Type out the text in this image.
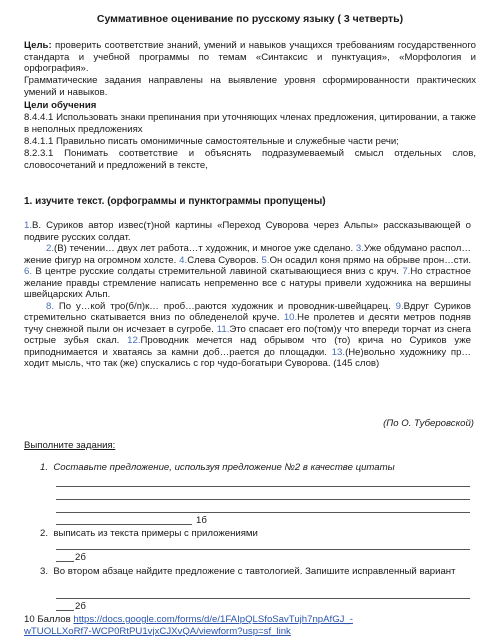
Суммативное оценивание по русскому языку ( 3 четверть)
Цель: проверить соответствие знаний, умений и навыков учащихся требованиям государственного стандарта и учебной программы по темам «Синтаксис и пунктуация», «Морфология и орфография».
Грамматические задания направлены на выявление уровня сформированности практических умений и навыков.
Цели обучения
8.4.4.1 Использовать знаки препинания при уточняющих членах предложения, цитировании, а также в неполных предложениях
8.4.1.1 Правильно писать омонимичные самостоятельные и служебные части речи;
8.2.3.1 Понимать соответствие и объяснять подразумеваемый смысл отдельных слов, словосочетаний и предложений в тексте,
1. изучите текст. (орфограммы и пунктограммы пропущены)
1.В. Суриков автор извес(т)ной картины «Переход Суворова через Альпы» рассказывающей о подвиге русских солдат.
2.(В) течении… двух лет работа…т художник, и многое уже сделано. 3.Уже обдумано распол…жение фигур на огромном холсте. 4.Слева Суворов. 5.Он осадил коня прямо на обрыве прон…сти. 6. В центре русские солдаты стремительной лавиной скатывающиеся вниз с круч. 7.Но страстное желание правды стремление написать непременно все с натуры привели художника на вершины швейцарских Альп.
8. По у…кой тро(б/п)к… проб…раются художник и проводник-швейцарец. 9.Вдруг Суриков стремительно скатывается вниз по обледенелой круче. 10.Не пролетев и десяти метров подняв тучу снежной пыли он исчезает в сугробе. 11.Это спасает его по(том)у что впереди торчат из снега острые зубья скал. 12.Проводник мечется над обрывом что (то) крича но Суриков уже приподнимается и хватаясь за камни доб…рается до площадки. 13.(Не)вольно художнику пр…ходит мысль, что так (же) спускались с гор чудо-богатыри Суворова. (145 слов)
(По О. Туберовской)
Выполните задания:
1. Составьте предложение, используя предложение №2 в качестве цитаты
1б
2. выписать из текста примеры с приложениями
2б
3. Во втором абзаце найдите предложение с тавтологией. Запишите исправленный вариант
2б
10 Баллов https://docs.google.com/forms/d/e/1FAIpQLSfoSavTujh7npAfGJ_-
wTUOLLXoRf7-WCP0RtPU1vjxCJXvQA/viewform?usp=sf_link
